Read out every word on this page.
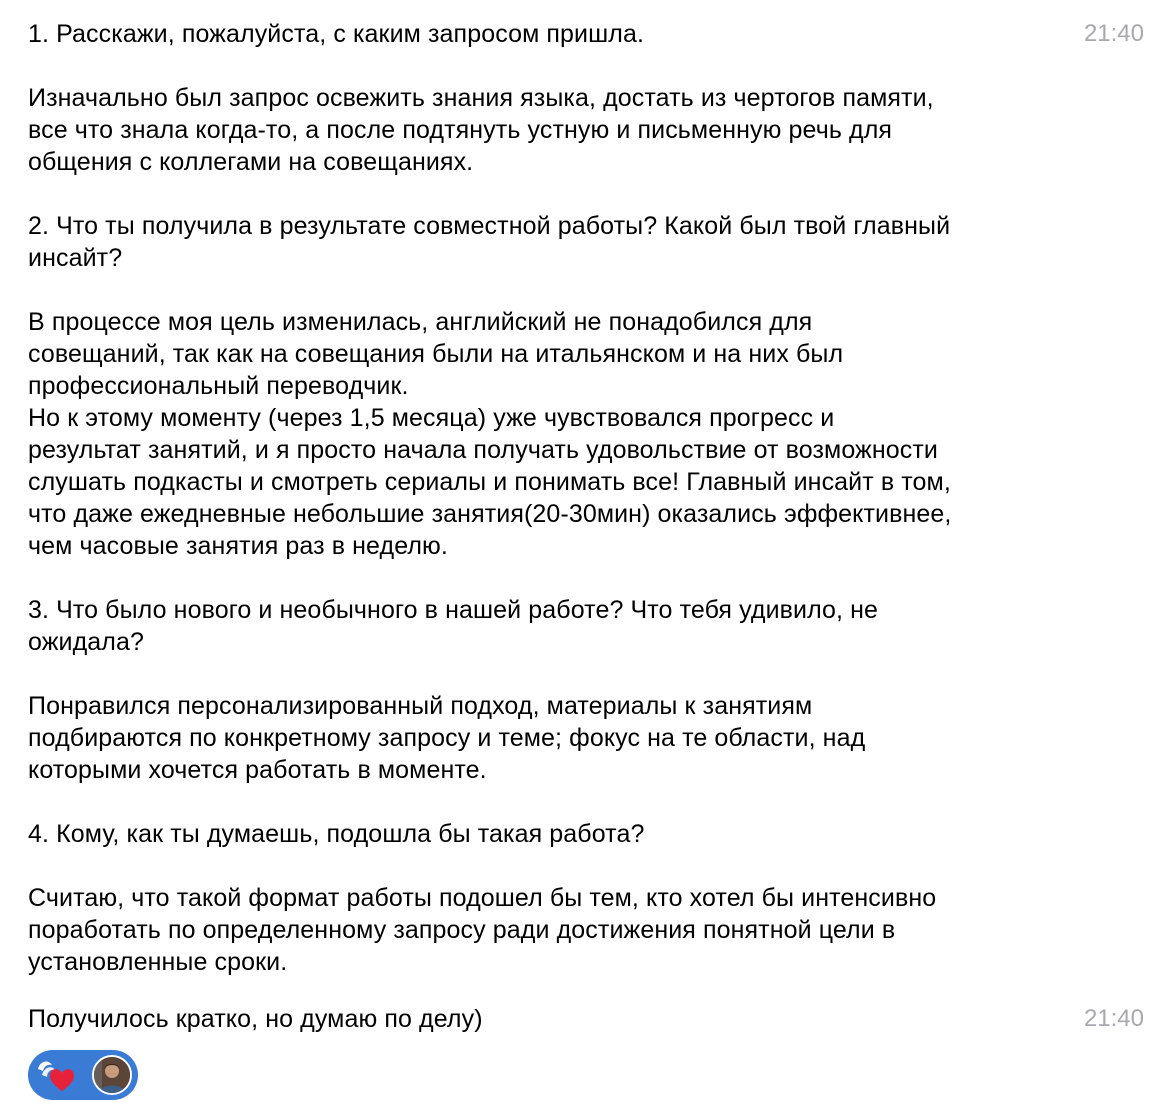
1. Расскажи, пожалуйста, с каким запросом пришла.

Изначально был запрос освежить знания языка, достать из чертогов памяти,
все что знала когда-то, а после подтянуть устную и письменную речь для
общения с коллегами на совещаниях.

2. Что ты получила в результате совместной работы? Какой был твой главный
инсайт?

В процессе моя цель изменилась, английский не понадобился для
совещаний, так как на совещания были на итальянском и на них был
профессиональный переводчик.
Но к этому моменту (через 1,5 месяца) уже чувствовался прогресс и
результат занятий, и я просто начала получать удовольствие от возможности
слушать подкасты и смотреть сериалы и понимать все! Главный инсайт в том,
что даже ежедневные небольшие занятия(20-30мин) оказались эффективнее,
чем часовые занятия раз в неделю.

3. Что было нового и необычного в нашей работе? Что тебя удивило, не
ожидала?

Понравился персонализированный подход, материалы к занятиям
подбираются по конкретному запросу и теме; фокус на те области, над
которыми хочется работать в моменте.

4. Кому, как ты думаешь, подошла бы такая работа?

Считаю, что такой формат работы подошел бы тем, кто хотел бы интенсивно
поработать по определенному запросу ради достижения понятной цели в
установленные сроки.

21:40

Получилось кратко, но думаю по делу)	21:40
